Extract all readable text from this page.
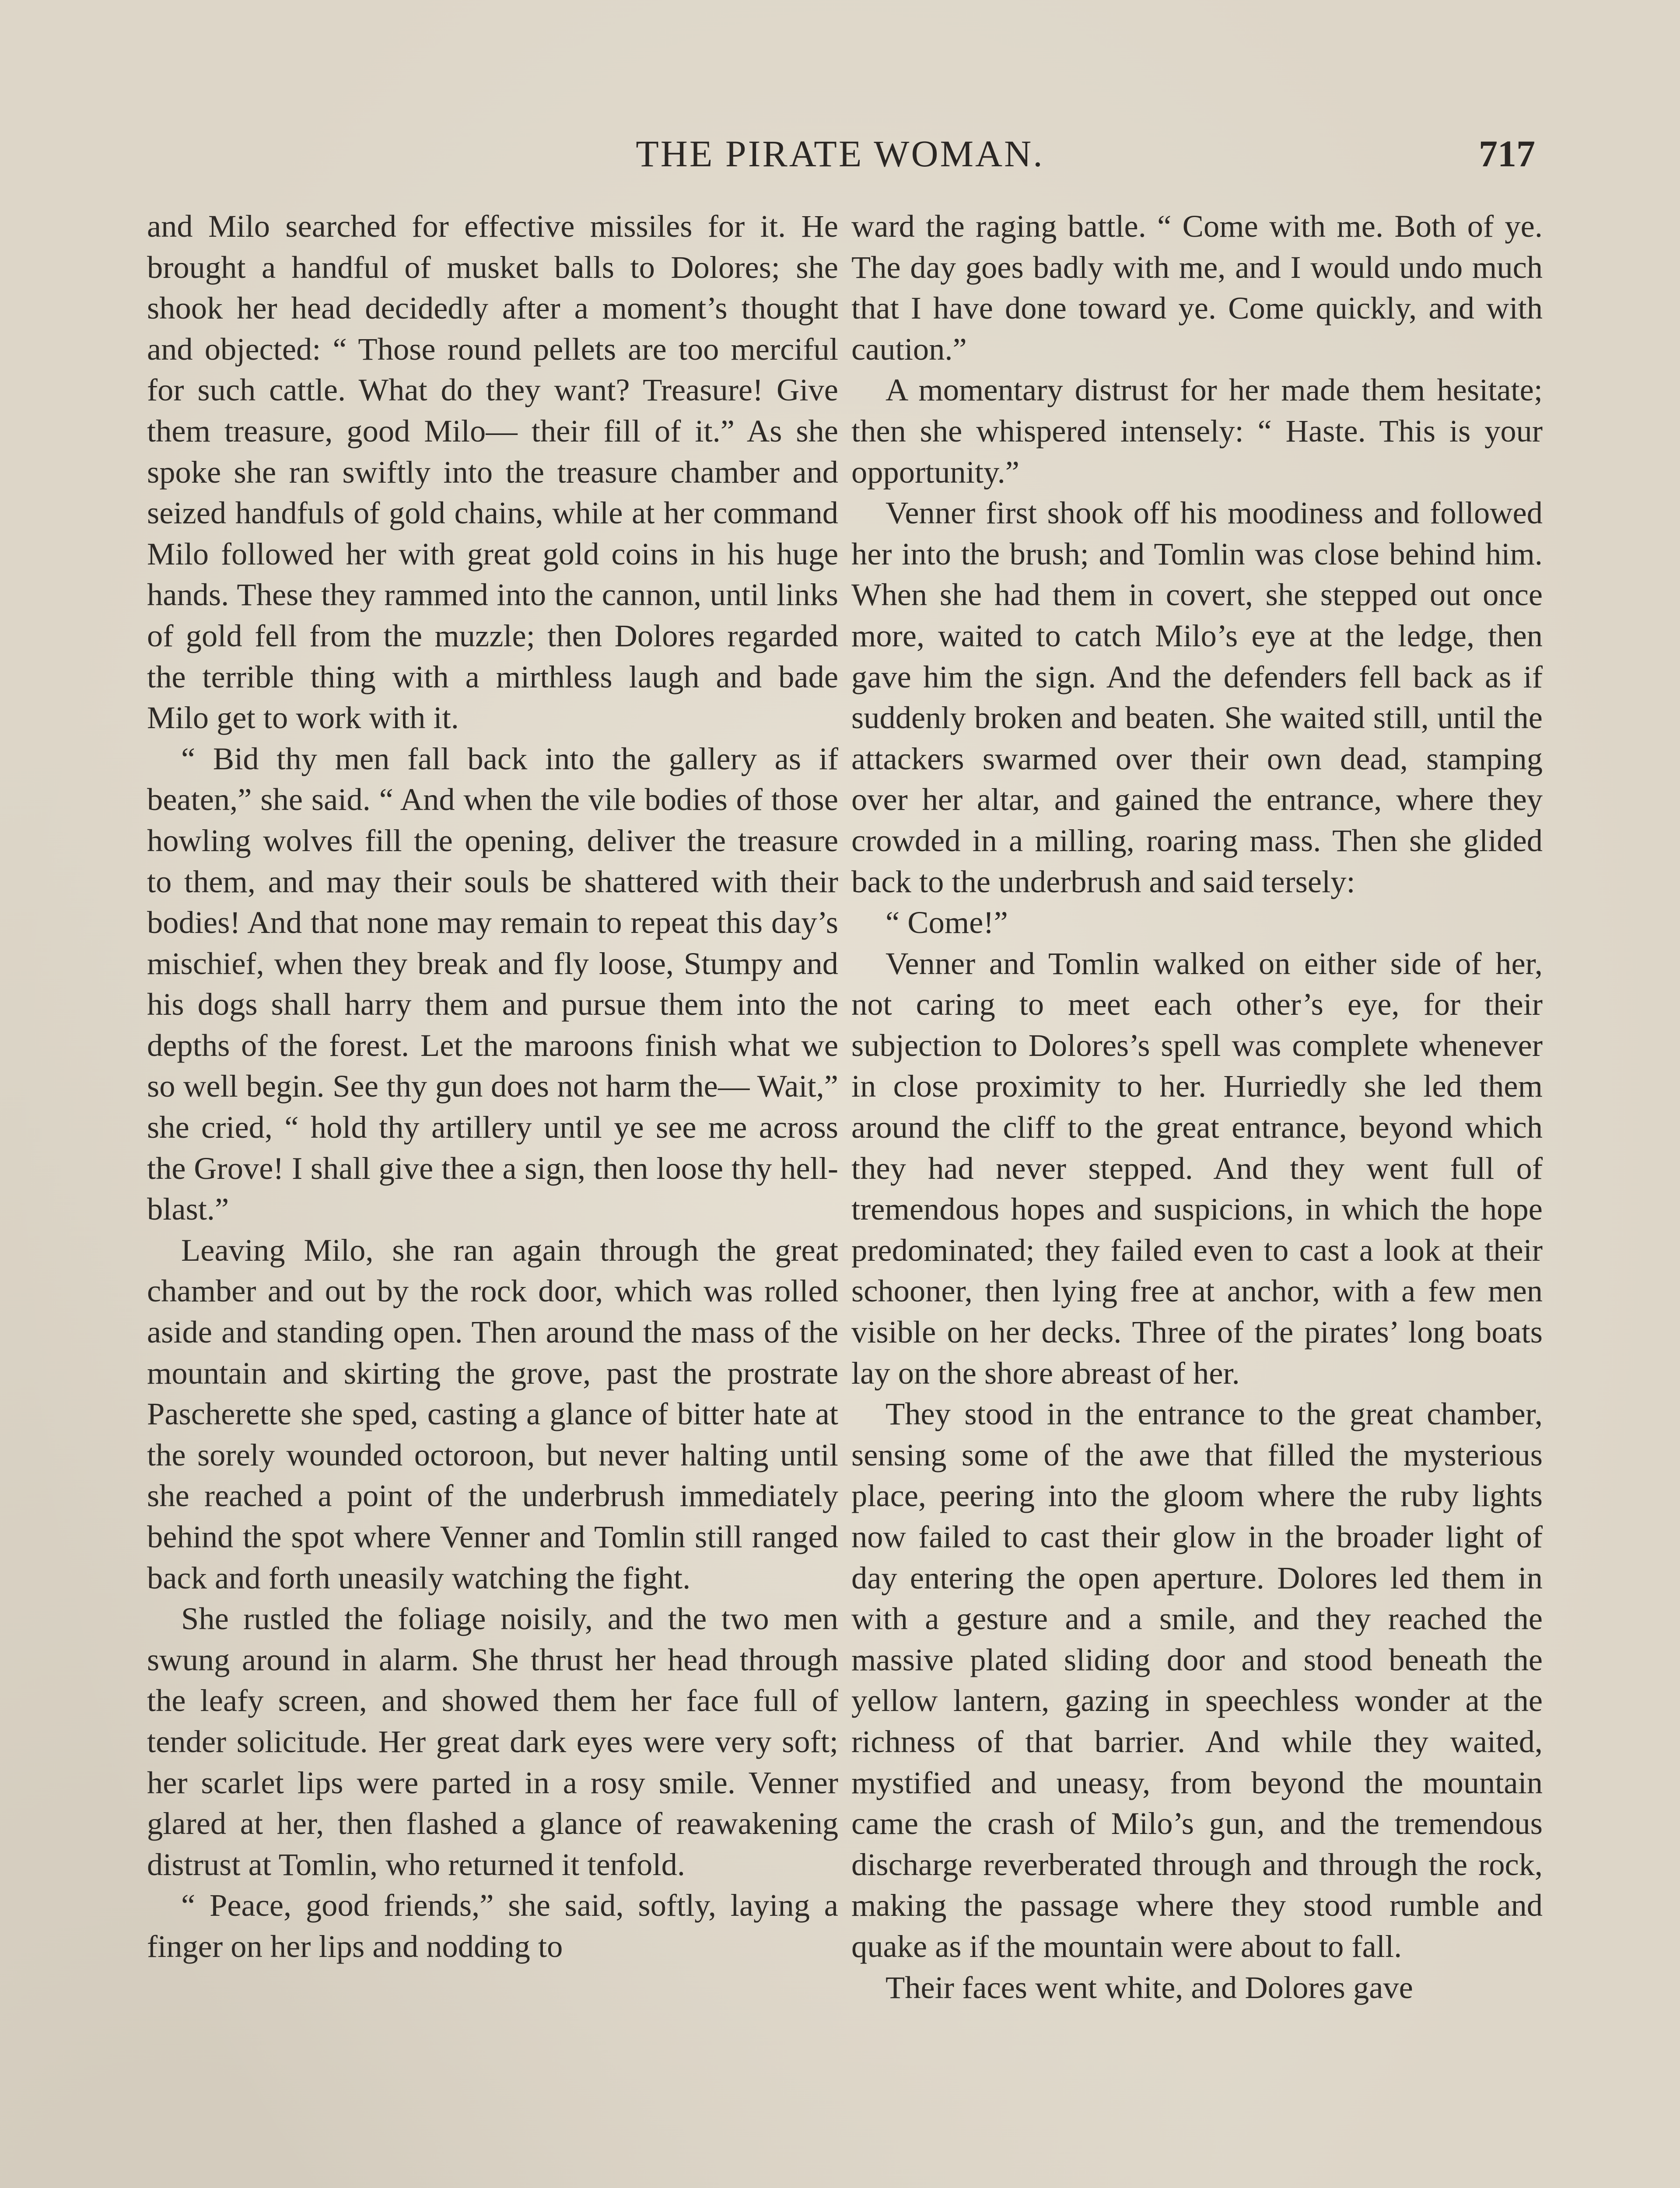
THE PIRATE WOMAN.	717

and Milo searched for effective missiles for it. He brought a handful of musket balls to Dolores; she shook her head decidedly after a moment’s thought and objected: “ Those round pellets are too merciful for such cattle. What do they want? Treasure! Give them treasure, good Milo— their fill of it.” As she spoke she ran swiftly into the treasure chamber and seized handfuls of gold chains, while at her command Milo followed her with great gold coins in his huge hands. These they rammed into the cannon, until links of gold fell from the muzzle; then Dolores regarded the terrible thing with a mirthless laugh and bade Milo get to work with it.

“ Bid thy men fall back into the gallery as if beaten,” she said. “ And when the vile bodies of those howling wolves fill the opening, deliver the treasure to them, and may their souls be shattered with their bodies! And that none may remain to repeat this day’s mischief, when they break and fly loose, Stumpy and his dogs shall harry them and pursue them into the depths of the forest. Let the maroons finish what we so well begin. See thy gun does not harm the— Wait,” she cried, “ hold thy artillery until ye see me across the Grove! I shall give thee a sign, then loose thy hell-blast.”

Leaving Milo, she ran again through the great chamber and out by the rock door, which was rolled aside and standing open. Then around the mass of the mountain and skirting the grove, past the prostrate Pascherette she sped, casting a glance of bitter hate at the sorely wounded octoroon, but never halting until she reached a point of the underbrush immediately behind the spot where Venner and Tomlin still ranged back and forth uneasily watching the fight.

She rustled the foliage noisily, and the two men swung around in alarm. She thrust her head through the leafy screen, and showed them her face full of tender solicitude. Her great dark eyes were very soft; her scarlet lips were parted in a rosy smile. Venner glared at her, then flashed a glance of reawakening distrust at Tomlin, who returned it tenfold.

“ Peace, good friends,” she said, softly, laying a finger on her lips and nodding to

ward the raging battle. “ Come with me. Both of ye. The day goes badly with me, and I would undo much that I have done toward ye. Come quickly, and with caution.”

A momentary distrust for her made them hesitate; then she whispered intensely: “ Haste. This is your opportunity.”

Venner first shook off his moodiness and followed her into the brush; and Tomlin was close behind him. When she had them in covert, she stepped out once more, waited to catch Milo’s eye at the ledge, then gave him the sign. And the defenders fell back as if suddenly broken and beaten. She waited still, until the attackers swarmed over their own dead, stamping over her altar, and gained the entrance, where they crowded in a milling, roaring mass. Then she glided back to the underbrush and said tersely:

“ Come!”

Venner and Tomlin walked on either side of her, not caring to meet each other’s eye, for their subjection to Dolores’s spell was complete whenever in close proximity to her. Hurriedly she led them around the cliff to the great entrance, beyond which they had never stepped. And they went full of tremendous hopes and suspicions, in which the hope predominated; they failed even to cast a look at their schooner, then lying free at anchor, with a few men visible on her decks. Three of the pirates’ long boats lay on the shore abreast of her.

They stood in the entrance to the great chamber, sensing some of the awe that filled the mysterious place, peering into the gloom where the ruby lights now failed to cast their glow in the broader light of day entering the open aperture. Dolores led them in with a gesture and a smile, and they reached the massive plated sliding door and stood beneath the yellow lantern, gazing in speechless wonder at the richness of that barrier. And while they waited, mystified and uneasy, from beyond the mountain came the crash of Milo’s gun, and the tremendous discharge reverberated through and through the rock, making the passage where they stood rumble and quake as if the mountain were about to fall.

Their faces went white, and Dolores gave
